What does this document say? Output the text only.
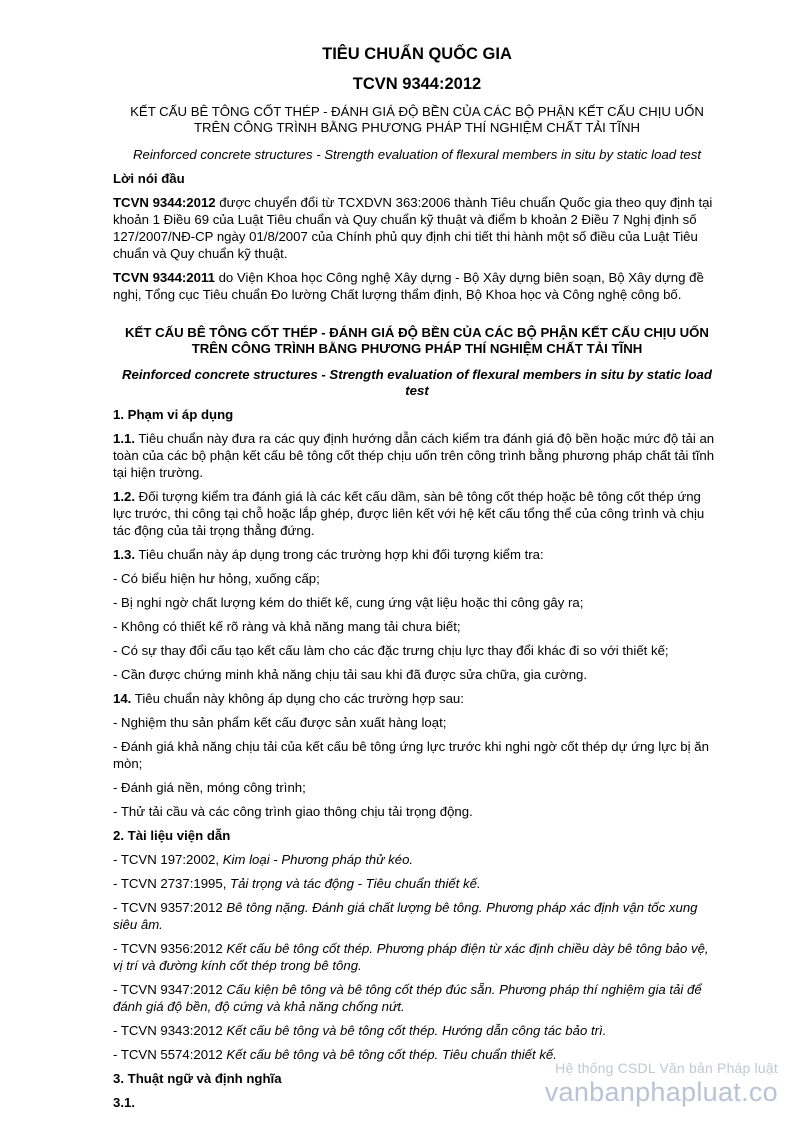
TIÊU CHUẨN QUỐC GIA
TCVN 9344:2012
KẾT CẤU BÊ TÔNG CỐT THÉP - ĐÁNH GIÁ ĐỘ BỀN CỦA CÁC BỘ PHẬN KẾT CẤU CHỊU UỐN TRÊN CÔNG TRÌNH BẰNG PHƯƠNG PHÁP THÍ NGHIỆM CHẤT TẢI TĨNH
Reinforced concrete structures - Strength evaluation of flexural members in situ by static load test
Lời nói đầu

TCVN 9344:2012 được chuyển đổi từ TCXDVN 363:2006 thành Tiêu chuẩn Quốc gia theo quy định tại khoản 1 Điều 69 của Luật Tiêu chuẩn và Quy chuẩn kỹ thuật và điểm b khoản 2 Điều 7 Nghị định số 127/2007/NĐ-CP ngày 01/8/2007 của Chính phủ quy định chi tiết thi hành một số điều của Luật Tiêu chuẩn và Quy chuẩn kỹ thuật.

TCVN 9344:2011 do Viện Khoa học Công nghệ Xây dựng - Bộ Xây dựng biên soạn, Bộ Xây dựng đề nghị, Tổng cục Tiêu chuẩn Đo lường Chất lượng thẩm định, Bộ Khoa học và Công nghệ công bố.

KẾT CẤU BÊ TÔNG CỐT THÉP - ĐÁNH GIÁ ĐỘ BỀN CỦA CÁC BỘ PHẬN KẾT CẤU CHỊU UỐN TRÊN CÔNG TRÌNH BẰNG PHƯƠNG PHÁP THÍ NGHIỆM CHẤT TẢI TĨNH
Reinforced concrete structures - Strength evaluation of flexural members in situ by static load test
1. Phạm vi áp dụng

1.1. Tiêu chuẩn này đưa ra các quy định hướng dẫn cách kiểm tra đánh giá độ bền hoặc mức độ tải an toàn của các bộ phận kết cấu bê tông cốt thép chịu uốn trên công trình bằng phương pháp chất tải tĩnh tại hiện trường.

1.2. Đối tượng kiểm tra đánh giá là các kết cấu dầm, sàn bê tông cốt thép hoặc bê tông cốt thép ứng lực trước, thi công tại chỗ hoặc lắp ghép, được liên kết với hệ kết cấu tổng thể của công trình và chịu tác động của tải trọng thẳng đứng.

1.3. Tiêu chuẩn này áp dụng trong các trường hợp khi đối tượng kiểm tra:

- Có biểu hiện hư hỏng, xuống cấp;

- Bị nghi ngờ chất lượng kém do thiết kế, cung ứng vật liệu hoặc thi công gây ra;

- Không có thiết kế rõ ràng và khả năng mang tải chưa biết;

- Có sự thay đổi cấu tạo kết cấu làm cho các đặc trưng chịu lực thay đổi khác đi so với thiết kế;

- Cần được chứng minh khả năng chịu tải sau khi đã được sửa chữa, gia cường.

14. Tiêu chuẩn này không áp dụng cho các trường hợp sau:

- Nghiệm thu sản phẩm kết cấu được sản xuất hàng loạt;

- Đánh giá khả năng chịu tải của kết cấu bê tông ứng lực trước khi nghi ngờ cốt thép dự ứng lực bị ăn mòn;

- Đánh giá nền, móng công trình;

- Thử tải cầu và các công trình giao thông chịu tải trọng động.

2. Tài liệu viện dẫn

- TCVN 197:2002, Kim loại - Phương pháp thử kéo.

- TCVN 2737:1995, Tải trọng và tác động - Tiêu chuẩn thiết kế.

- TCVN 9357:2012 Bê tông nặng. Đánh giá chất lượng bê tông. Phương pháp xác định vận tốc xung siêu âm.

- TCVN 9356:2012 Kết cấu bê tông cốt thép. Phương pháp điện từ xác định chiều dày bê tông bảo vệ, vị trí và đường kính cốt thép trong bê tông.

- TCVN 9347:2012 Cấu kiện bê tông và bê tông cốt thép đúc sẵn. Phương pháp thí nghiệm gia tải để đánh giá độ bền, độ cứng và khả năng chống nứt.

- TCVN 9343:2012 Kết cấu bê tông và bê tông cốt thép. Hướng dẫn công tác bảo trì.

- TCVN 5574:2012 Kết cấu bê tông và bê tông cốt thép. Tiêu chuẩn thiết kế.

3. Thuật ngữ và định nghĩa
3.1.
Hệ thống CSDL Văn bản Pháp luật
vanbanphapluat.co
